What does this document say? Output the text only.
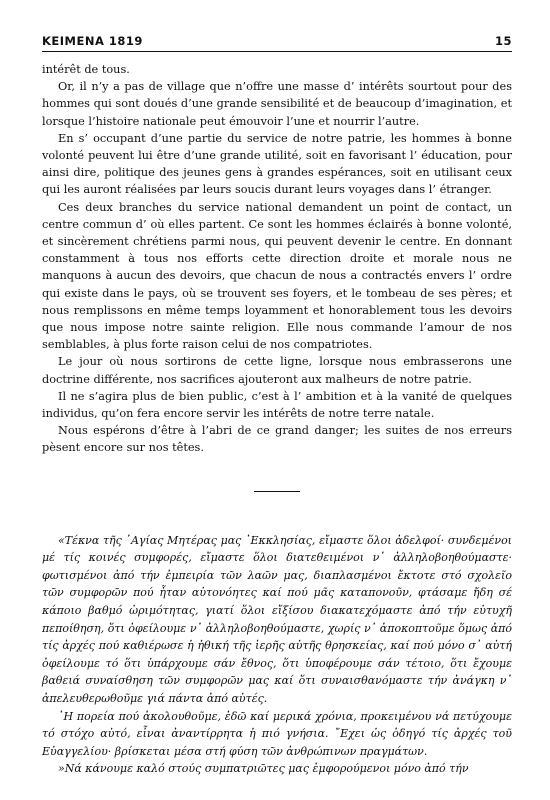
KEIMENA 1819	15

intérêt de tous.

Or, il n’y a pas de village que n’offre une masse d’ intérêts sourtout pour des hommes qui sont doués d’une grande sensibilité et de beaucoup d’imagination, et lorsque l’histoire nationale peut émouvoir l’une et nourrir l’autre.

En s’ occupant d’une partie du service de notre patrie, les hommes à bonne volonté peuvent lui être d’une grande utilité, soit en favorisant l’ éducation, pour ainsi dire, politique des jeunes gens à grandes espérances, soit en utilisant ceux qui les auront réalisées par leurs soucis durant leurs voyages dans l’ étranger.

Ces deux branches du service national demandent un point de contact, un centre commun d’ où elles partent. Ce sont les hommes éclairés à bonne volonté, et sincèrement chrétiens parmi nous, qui peuvent devenir le centre. En donnant constamment à tous nos efforts cette direction droite et morale nous ne manquons à aucun des devoirs, que chacun de nous a contractés envers l’ ordre qui existe dans le pays, où se trouvent ses foyers, et le tombeau de ses pères; et nous remplissons en même temps loyamment et honorablement tous les devoirs que nous impose notre sainte religion. Elle nous commande l’amour de nos semblables, à plus forte raison celui de nos compatriotes.

Le jour où nous sortirons de cette ligne, lorsque nous embrasserons une doctrine différente, nos sacrifices ajouteront aux malheurs de notre patrie.

Il ne s’agira plus de bien public, c’est à l’ ambition et à la vanité de quelques individus, qu’on fera encore servir les intérêts de notre terre natale.

Nous espérons d’être à l’abri de ce grand danger; les suites de nos erreurs pèsent encore sur nos têtes.

«Τέκνα τῆς ῾Αγίας Μητέρας μας ᾿Εκκλησίας, εἴμαστε ὅλοι ἀδελφοί· συνδεμένοι μέ τίς κοινές συμφορές, εἴμαστε ὅλοι διατεθειμένοι ν᾿ ἀλληλοβοηθούμαστε· φωτισμένοι ἀπό τήν ἐμπειρία τῶν λαῶν μας, διαπλασμένοι ἔκτοτε στό σχολεῖο τῶν συμφορῶν πού ἦταν αὐτονόητες καί πού μᾶς καταπονοῦν, φτάσαμε ἤδη σέ κάποιο βαθμό ὡριμότητας, γιατί ὅλοι εἴξίσου διακατεχόμαστε ἀπό τήν εὐτυχῆ πεποίθηση, ὅτι ὀφείλουμε ν᾿ ἀλληλοβοηθούμαστε, χωρίς ν᾿ ἀποκοπτοῦμε ὅμως ἀπό τίς ἀρχές πού καθιέρωσε ἡ ἠθική τῆς ἱερῆς αὐτῆς θρησκείας, καί πού μόνο σ᾿ αὐτή ὀφείλουμε τό ὅτι ὑπάρχουμε σάν ἔθνος, ὅτι ὑποφέρουμε σάν τέτοιο, ὅτι ἔχουμε βαθειά συναίσθηση τῶν συμφορῶν μας καί ὅτι συναισθανόμαστε τήν ἀνάγκη ν᾿ ἀπελευθερωθοῦμε γιά πάντα ἀπό αὐτές.

῾Η πορεία πού ἀκολουθοῦμε, ἐδῶ καί μερικά χρόνια, προκειμένου νά πετύχουμε τό στόχο αὐτό, εἶναι ἀναντίρρητα ἡ πιό γνήσια. ῎Εχει ὡς ὁδηγό τίς ἀρχές τοῦ Εὐαγγελίου· βρίσκεται μέσα στή φύση τῶν ἀνθρώπινων πραγμάτων.

»Νά κάνουμε καλό στούς συμπατριῶτες μας ἐμφορούμενοι μόνο ἀπό τήν
